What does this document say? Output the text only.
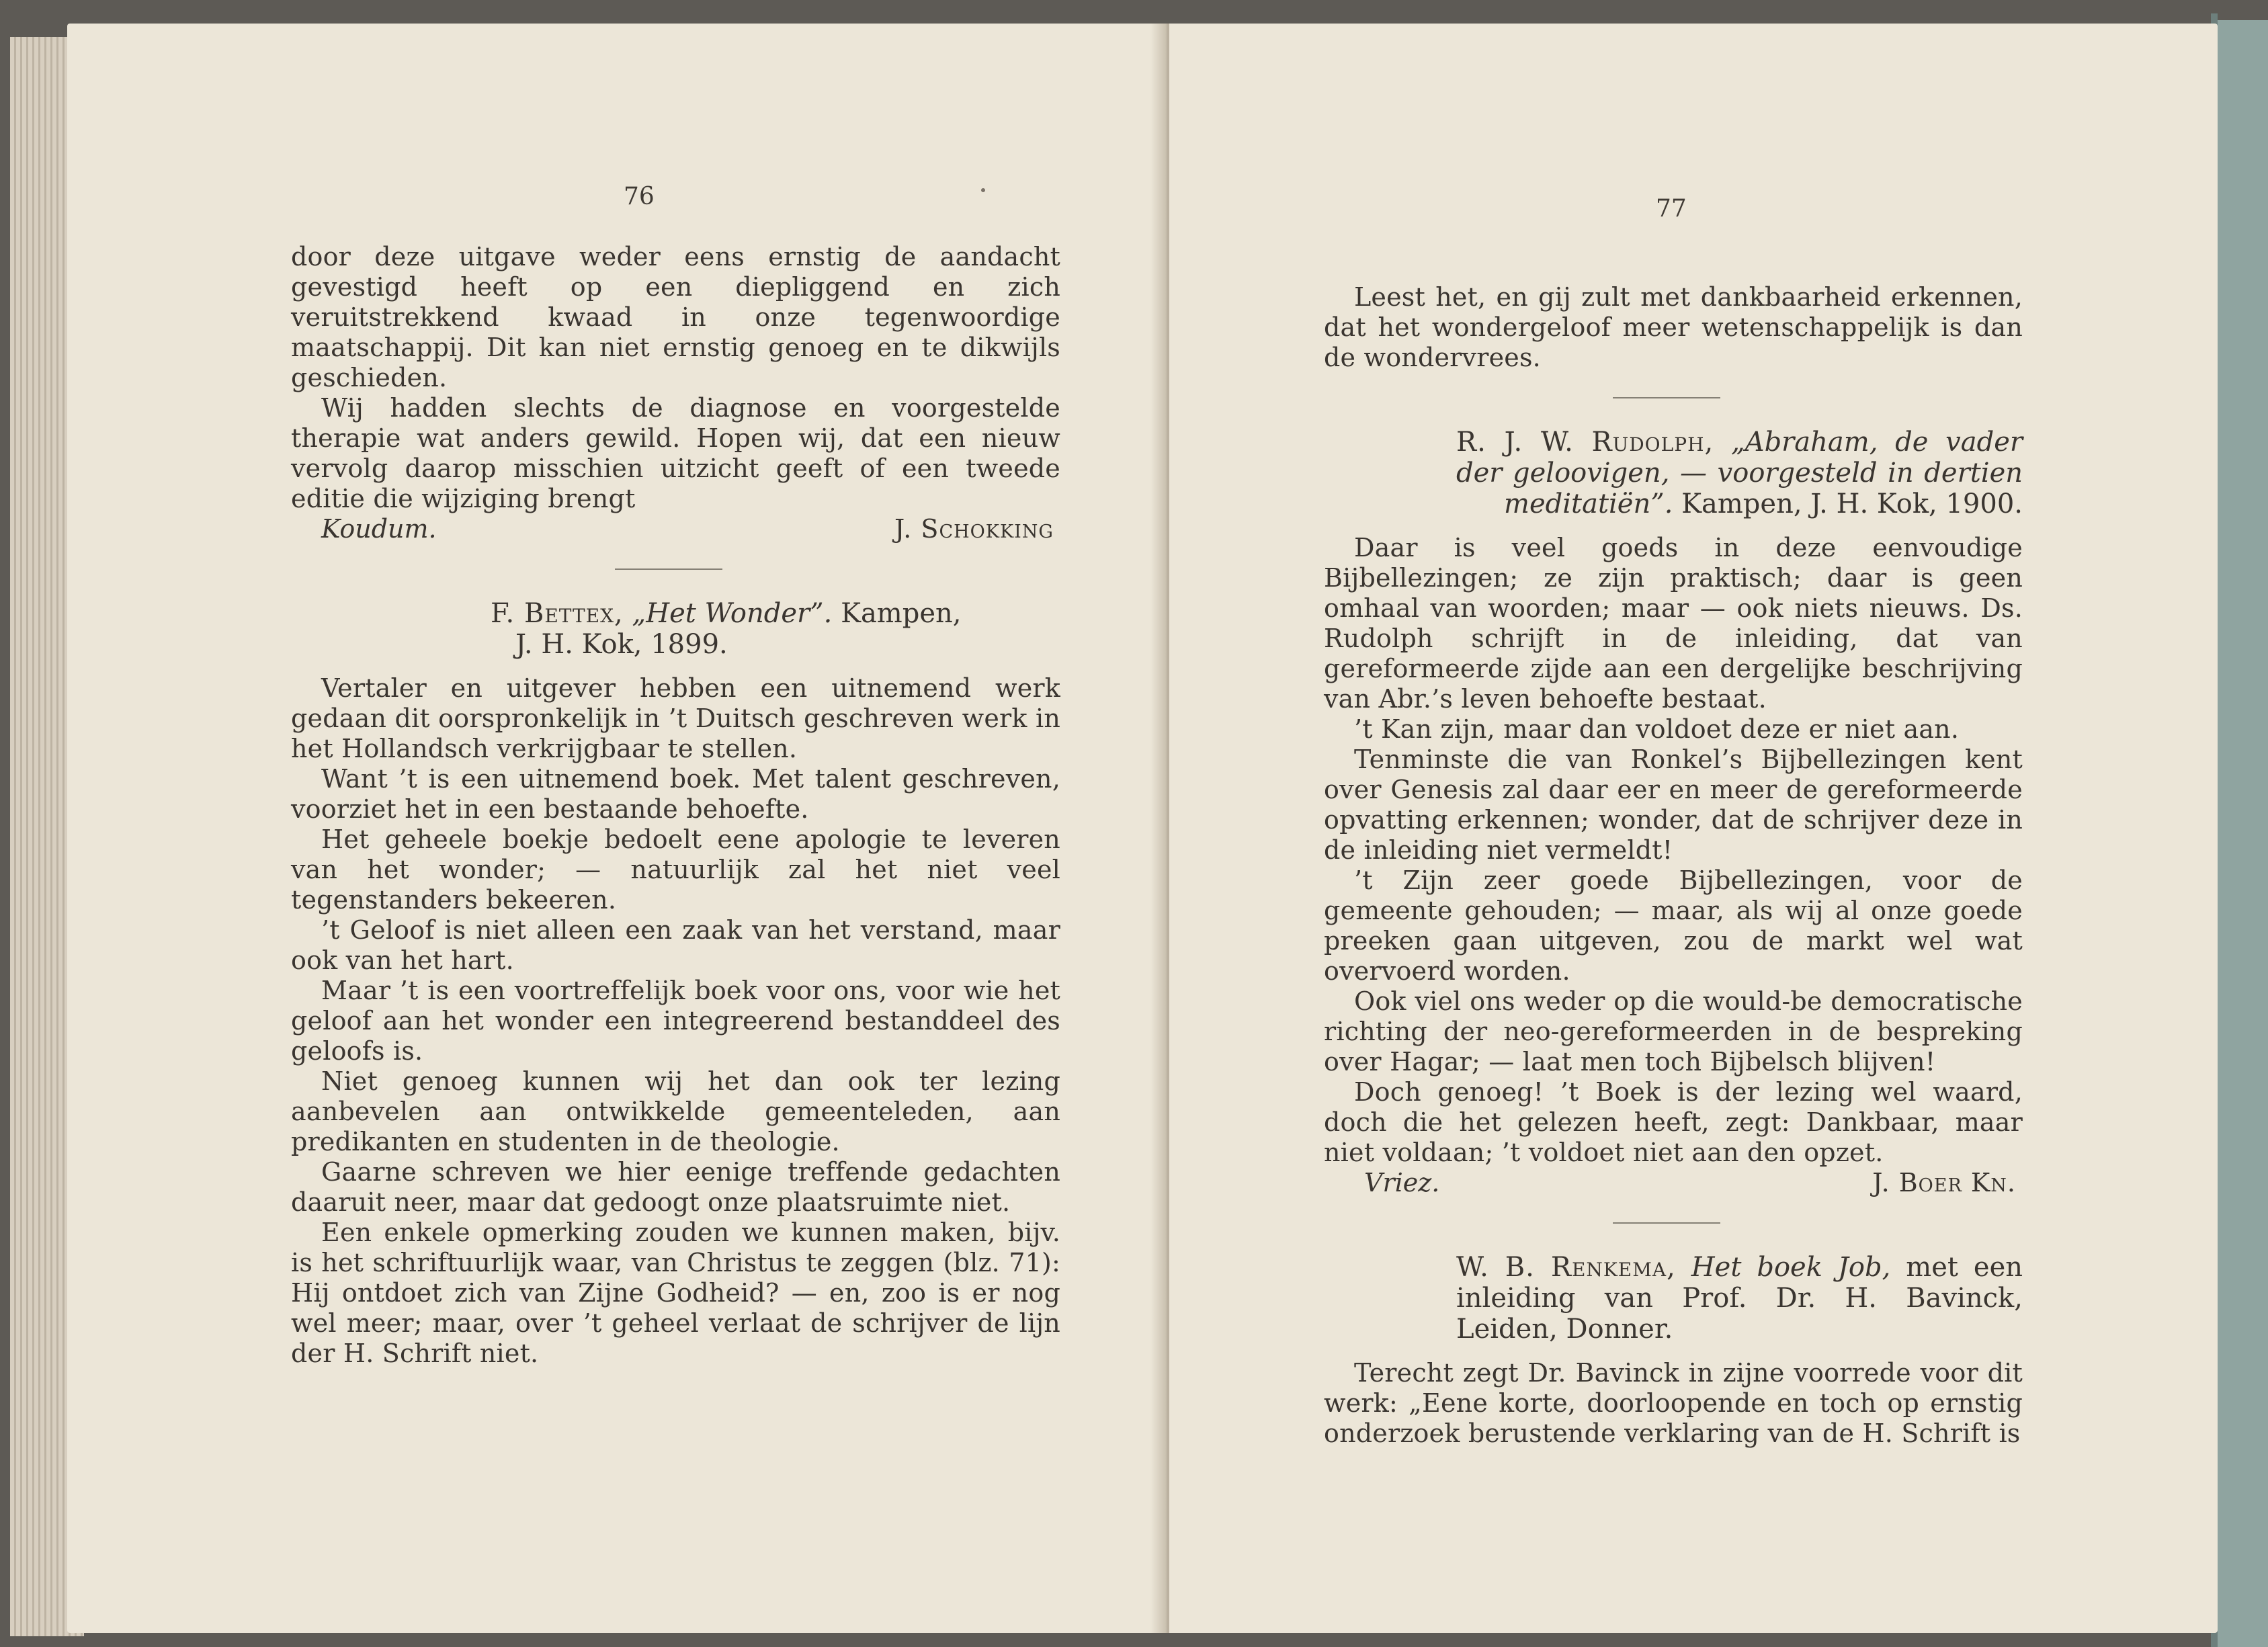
76

door deze uitgave weder eens ernstig de aandacht gevestigd heeft op een diepliggend en zich veruitstrekkend kwaad in onze tegenwoordige maatschappij. Dit kan niet ernstig genoeg en te dikwijls geschieden.

Wij hadden slechts de diagnose en voorgestelde therapie wat anders gewild. Hopen wij, dat een nieuw vervolg daarop misschien uitzicht geeft of een tweede editie die wijziging brengt

Koudum.	J. Schokking

F. Bettex, „Het Wonder”. Kampen,

J. H. Kok, 1899.

Vertaler en uitgever hebben een uitnemend werk gedaan dit oorspronkelijk in ’t Duitsch geschreven werk in het Hollandsch verkrijgbaar te stellen.

Want ’t is een uitnemend boek. Met talent geschreven, voorziet het in een bestaande behoefte.

Het geheele boekje bedoelt eene apologie te leveren van het wonder; — natuurlijk zal het niet veel tegenstanders bekeeren.

’t Geloof is niet alleen een zaak van het verstand, maar ook van het hart.

Maar ’t is een voortreffelijk boek voor ons, voor wie het geloof aan het wonder een integreerend bestanddeel des geloofs is.

Niet genoeg kunnen wij het dan ook ter lezing aanbevelen aan ontwikkelde gemeenteleden, aan predikanten en studenten in de theologie.

Gaarne schreven we hier eenige treffende gedachten daaruit neer, maar dat gedoogt onze plaatsruimte niet.

Een enkele opmerking zouden we kunnen maken, bijv. is het schriftuurlijk waar, van Christus te zeggen (blz. 71): Hij ontdoet zich van Zijne Godheid? — en, zoo is er nog wel meer; maar, over ’t geheel verlaat de schrijver de lijn der H. Schrift niet.

77

Leest het, en gij zult met dankbaarheid erkennen, dat het wondergeloof meer wetenschappelijk is dan de wondervrees.

R. J. W. Rudolph, „Abraham, de vader der geloovigen, — voorgesteld in dertien meditatiën”. Kampen, J. H. Kok, 1900.

Daar is veel goeds in deze eenvoudige Bijbellezingen; ze zijn praktisch; daar is geen omhaal van woorden; maar — ook niets nieuws. Ds. Rudolph schrijft in de inleiding, dat van gereformeerde zijde aan een dergelijke beschrijving van Abr.’s leven behoefte bestaat.

’t Kan zijn, maar dan voldoet deze er niet aan.

Tenminste die van Ronkel’s Bijbellezingen kent over Genesis zal daar eer en meer de gereformeerde opvatting erkennen; wonder, dat de schrijver deze in de inleiding niet vermeldt!

’t Zijn zeer goede Bijbellezingen, voor de gemeente gehouden; — maar, als wij al onze goede preeken gaan uitgeven, zou de markt wel wat overvoerd worden.

Ook viel ons weder op die would-be democratische richting der neo-gereformeerden in de bespreking over Hagar; — laat men toch Bijbelsch blijven!

Doch genoeg! ’t Boek is der lezing wel waard, doch die het gelezen heeft, zegt: Dankbaar, maar niet voldaan; ’t voldoet niet aan den opzet.

Vriez.	J. Boer Kn.

W. B. Renkema, Het boek Job, met een inleiding van Prof. Dr. H. Bavinck, Leiden, Donner.

Terecht zegt Dr. Bavinck in zijne voorrede voor dit werk: „Eene korte, doorloopende en toch op ernstig onderzoek berustende verklaring van de H. Schrift is
